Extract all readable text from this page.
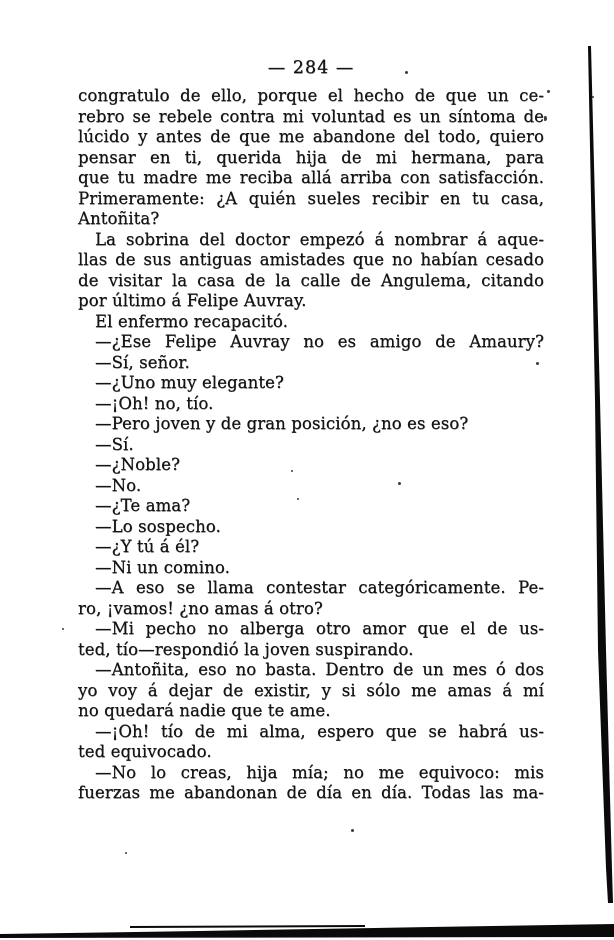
— 284 —
congratulo de ello, porque el hecho de que un ce-
rebro se rebele contra mi voluntad es un síntoma de
lúcido y antes de que me abandone del todo, quiero
pensar en ti, querida hija de mi hermana, para
que tu madre me reciba allá arriba con satisfacción.
Primeramente: ¿A quién sueles recibir en tu casa,
Antoñita?
La sobrina del doctor empezó á nombrar á aque-
llas de sus antiguas amistades que no habían cesado
de visitar la casa de la calle de Angulema, citando
por último á Felipe Auvray.
El enfermo recapacitó.
—¿Ese Felipe Auvray no es amigo de Amaury?
—Sí, señor.
—¿Uno muy elegante?
—¡Oh! no, tío.
—Pero joven y de gran posición, ¿no es eso?
—Sí.
—¿Noble?
—No.
—¿Te ama?
—Lo sospecho.
—¿Y tú á él?
—Ni un comino.
—A eso se llama contestar categóricamente. Pe-
ro, ¡vamos! ¿no amas á otro?
—Mi pecho no alberga otro amor que el de us-
ted, tío—respondió la joven suspirando.
—Antoñita, eso no basta. Dentro de un mes ó dos
yo voy á dejar de existir, y si sólo me amas á mí
no quedará nadie que te ame.
—¡Oh! tío de mi alma, espero que se habrá us-
ted equivocado.
—No lo creas, hija mía; no me equivoco: mis
fuerzas me abandonan de día en día. Todas las ma-
